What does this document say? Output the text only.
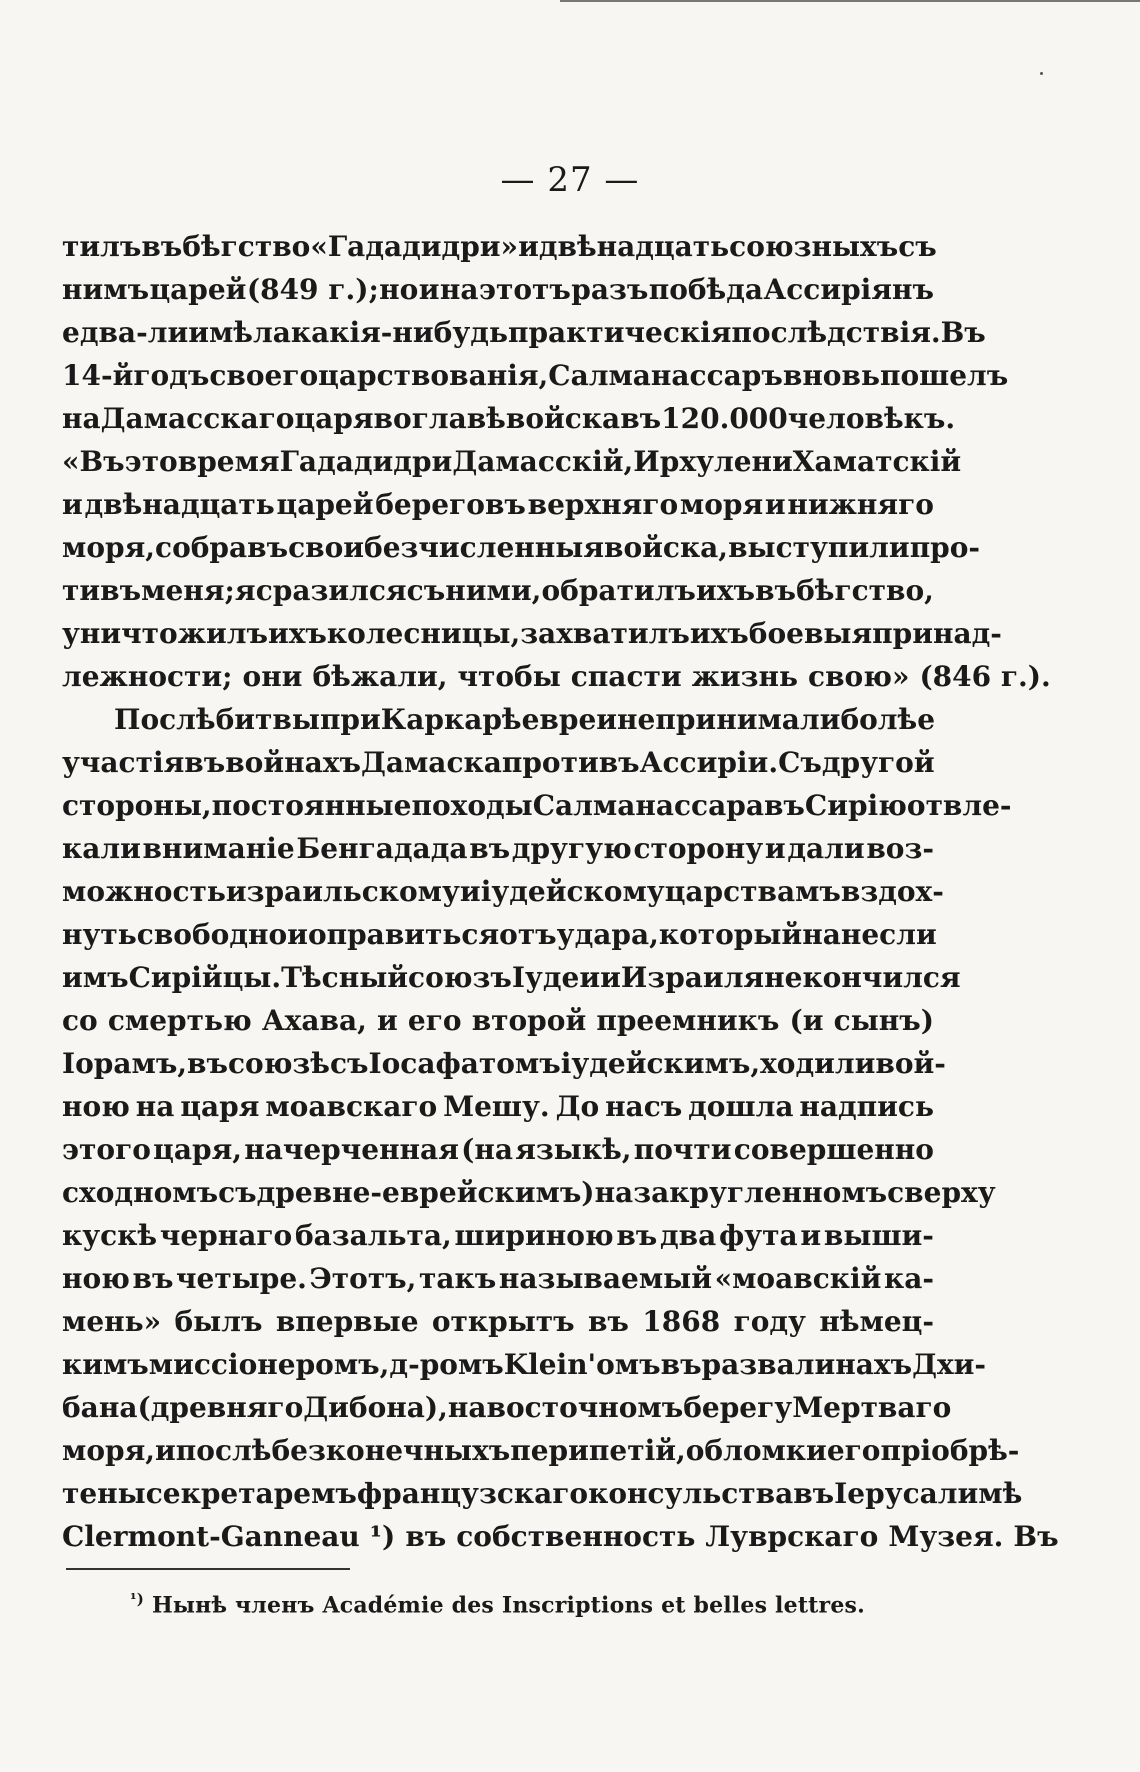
— 27 —
тилъ въ бѣгство «Гададидри» и двѣнадцать союзныхъ съ
нимъ царей (849 г.); но и на этотъ разъ побѣда Ассиріянъ
едва-ли имѣла какія-нибудь практическія послѣдствія. Въ
14-й годъ своего царствованія, Салманассаръ вновь пошелъ
на Дамасскаго царя во главѣ войска въ 120.000 человѣкъ.
«Въ это время Гададидри Дамасскій, Ирхулени Хаматскій
и двѣнадцать царей береговъ верхняго моря и нижняго
моря, собравъ свои безчисленныя войска, выступили про-
тивъ меня; я сразился съ ними, обратилъ ихъ въ бѣгство,
уничтожилъ ихъ колесницы, захватилъ ихъ боевыя принад-
лежности; они бѣжали, чтобы спасти жизнь свою» (846 г.).
Послѣ битвы при Каркарѣ евреи не принимали болѣе
участія въ войнахъ Дамаска противъ Ассиріи. Съ другой
стороны, постоянные походы Салманассара въ Сирію отвле-
кали вниманіе Бенгадада въ другую сторону и дали воз-
можность израильскому и іудейскому царствамъ вздох-
нуть свободно и оправиться отъ удара, который нанесли
имъ Сирійцы. Тѣсный союзъ Іудеи и Израиля не кончился
со смертью Ахава, и его второй преемникъ (и сынъ)
Іорамъ, въ союзѣ съ Іосафатомъ іудейскимъ, ходили вой-
ною на царя моавскаго Мешу. До насъ дошла надпись
этого царя, начерченная (на языкѣ, почти совершенно
сходномъ съ древне-еврейскимъ) на закругленномъ сверху
кускѣ чернаго базальта, шириною въ два фута и выши-
ною въ четыре. Этотъ, такъ называемый «моавскій ка-
мень» былъ впервые открытъ въ 1868 году нѣмец-
кимъ миссіонеромъ, д-ромъ Klein'омъ въ развалинахъ Дхи-
бана (древняго Дибона), на восточномъ берегу Мертваго
моря, и послѣ безконечныхъ перипетій, обломки его пріобрѣ-
тены секретаремъ французскаго консульства въ Іерусалимѣ
Clermont-Ganneau ¹) въ собственность Луврскаго Музея. Въ
$^{^1)}$ Нынѣ членъ Académie des Inscriptions et belles lettres.
